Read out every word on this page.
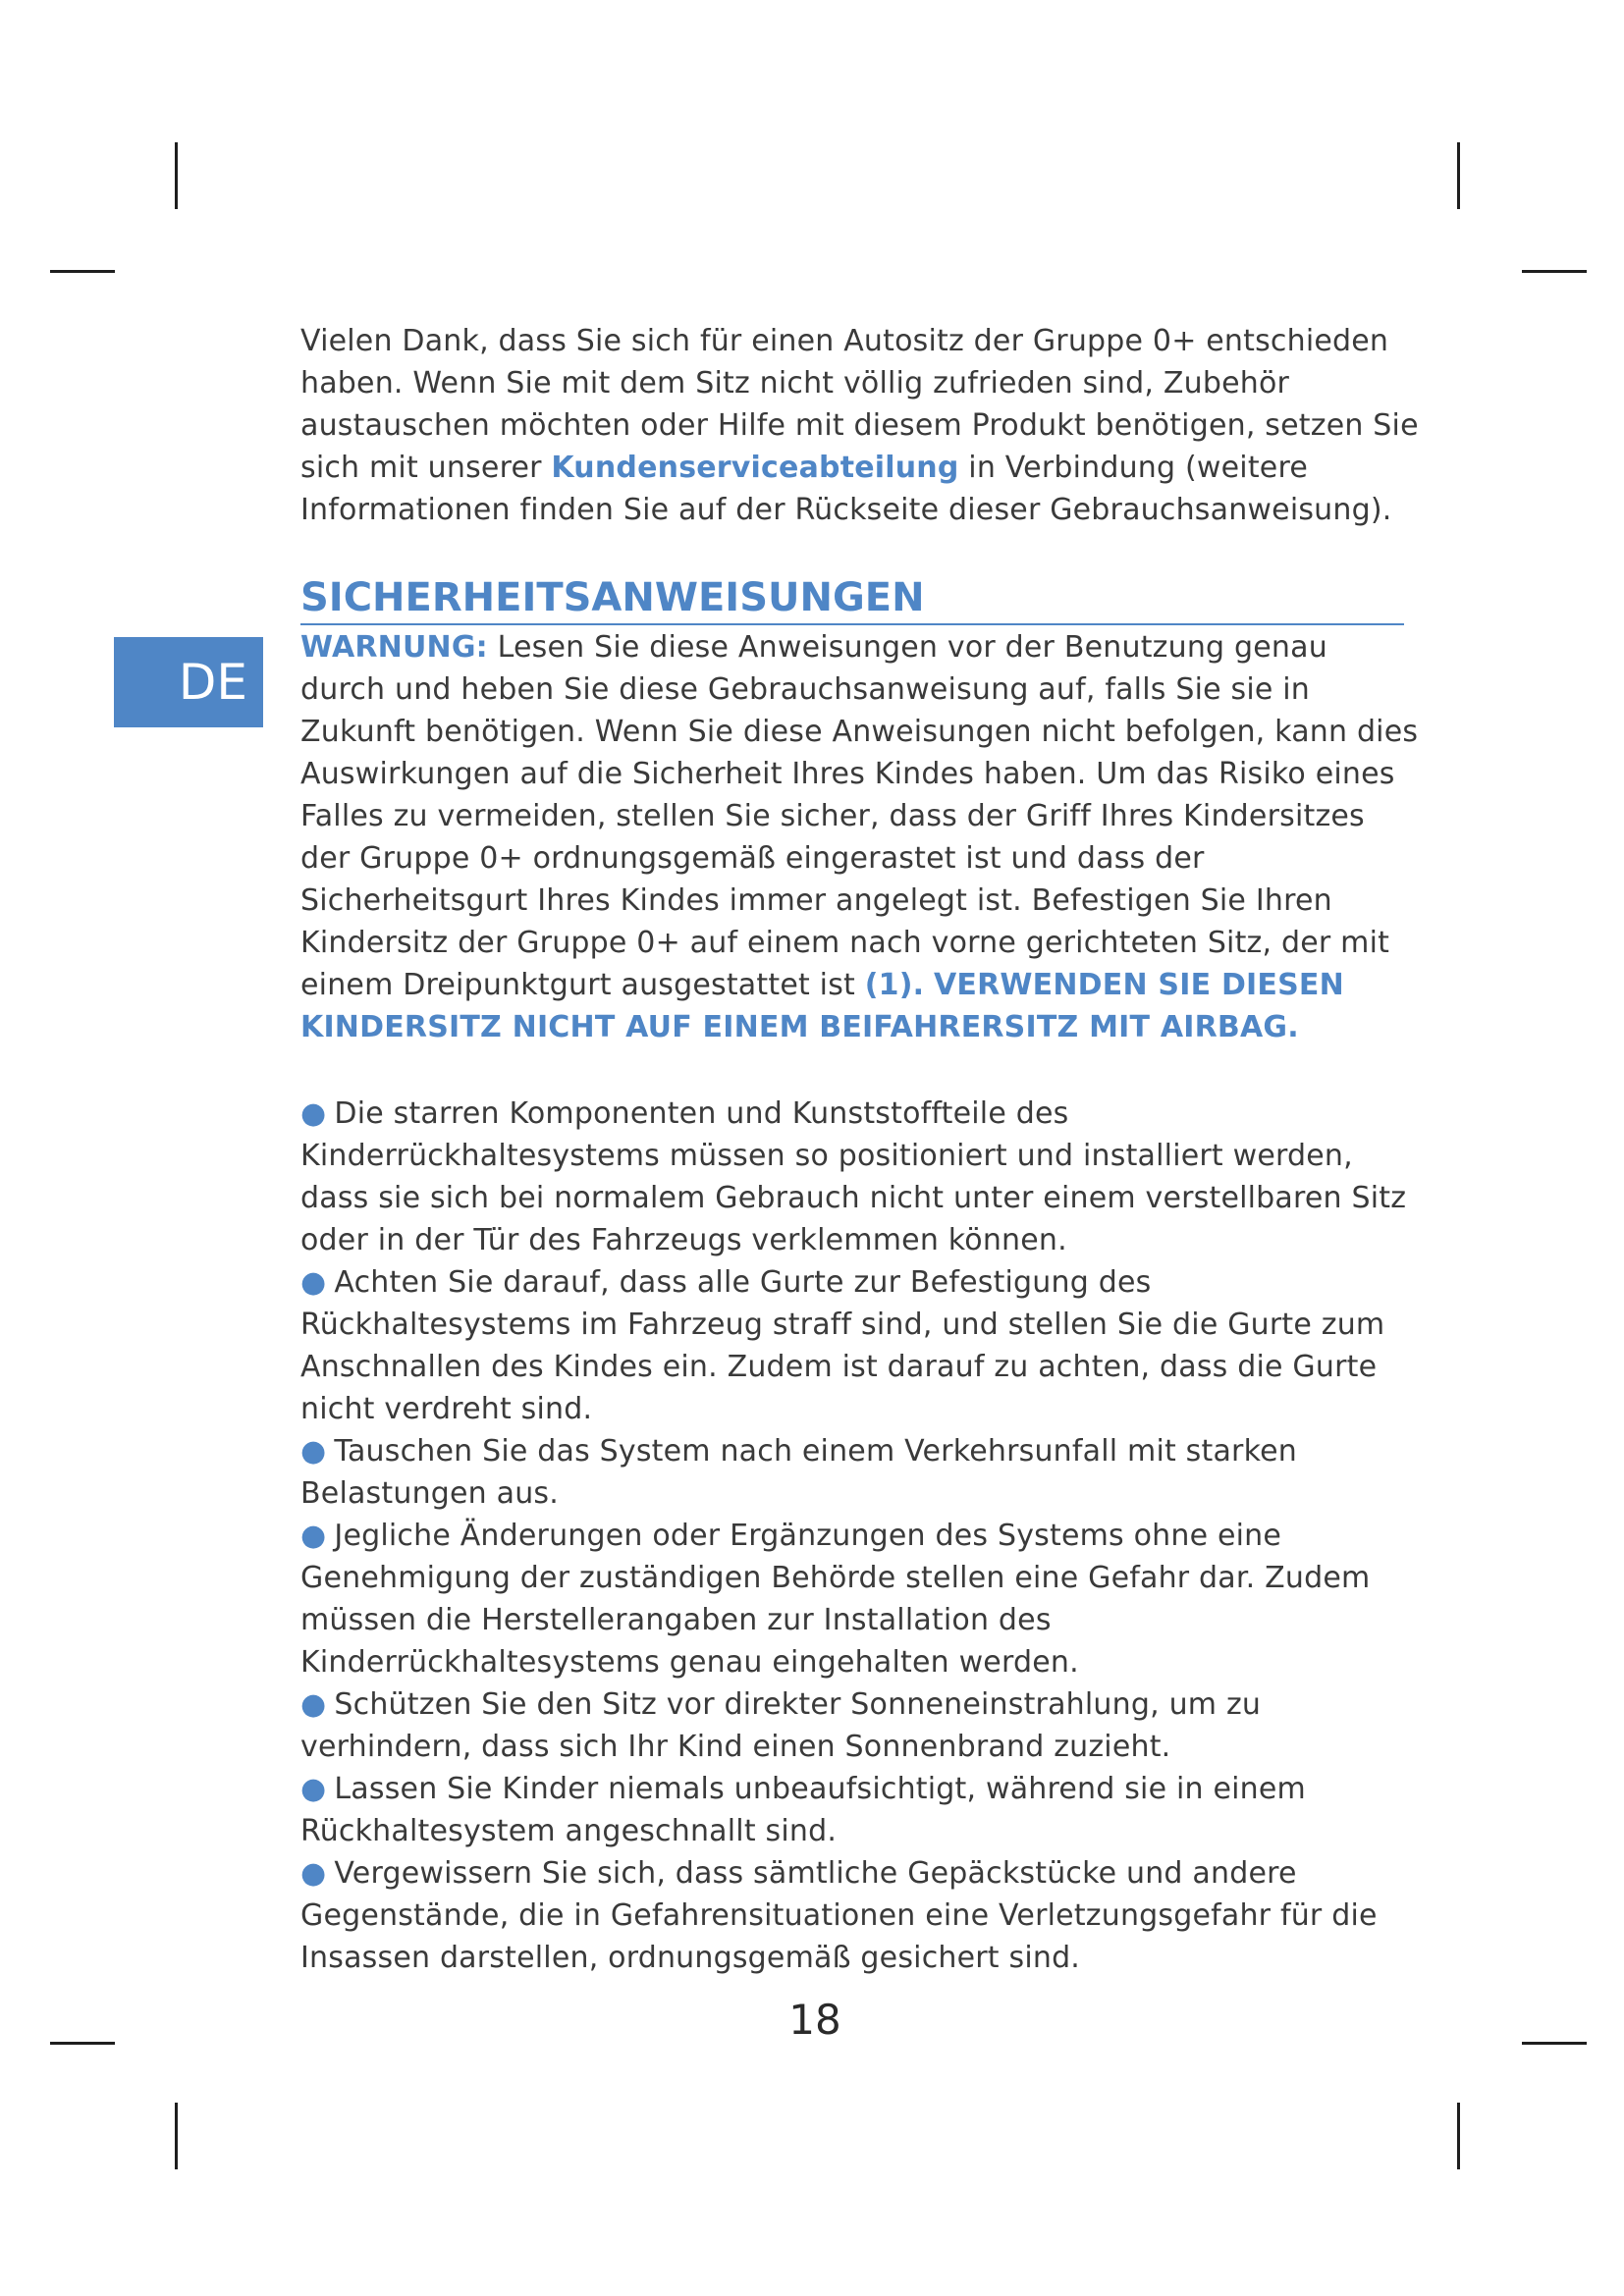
DE

Vielen Dank, dass Sie sich für einen Autositz der Gruppe 0+ entschieden haben. Wenn Sie mit dem Sitz nicht völlig zufrieden sind, Zubehör austauschen möchten oder Hilfe mit diesem Produkt benötigen, setzen Sie sich mit unserer Kundenserviceabteilung in Verbindung (weitere Informationen finden Sie auf der Rückseite dieser Gebrauchsanweisung).

SICHERHEITSANWEISUNGEN

WARNUNG: Lesen Sie diese Anweisungen vor der Benutzung genau durch und heben Sie diese Gebrauchsanweisung auf, falls Sie sie in Zukunft benötigen. Wenn Sie diese Anweisungen nicht befolgen, kann dies Auswirkungen auf die Sicherheit Ihres Kindes haben. Um das Risiko eines Falles zu vermeiden, stellen Sie sicher, dass der Griff Ihres Kindersitzes der Gruppe 0+ ordnungsgemäß eingerastet ist und dass der Sicherheitsgurt Ihres Kindes immer angelegt ist. Befestigen Sie Ihren Kindersitz der Gruppe 0+ auf einem nach vorne gerichteten Sitz, der mit einem Dreipunktgurt ausgestattet ist (1). VERWENDEN SIE DIESEN KINDERSITZ NICHT AUF EINEM BEIFAHRERSITZ MIT AIRBAG.

● Die starren Komponenten und Kunststoffteile des Kinderrückhaltesystems müssen so positioniert und installiert werden, dass sie sich bei normalem Gebrauch nicht unter einem verstellbaren Sitz oder in der Tür des Fahrzeugs verklemmen können.
● Achten Sie darauf, dass alle Gurte zur Befestigung des Rückhaltesystems im Fahrzeug straff sind, und stellen Sie die Gurte zum Anschnallen des Kindes ein. Zudem ist darauf zu achten, dass die Gurte nicht verdreht sind.
● Tauschen Sie das System nach einem Verkehrsunfall mit starken Belastungen aus.
● Jegliche Änderungen oder Ergänzungen des Systems ohne eine Genehmigung der zuständigen Behörde stellen eine Gefahr dar. Zudem müssen die Herstellerangaben zur Installation des Kinderrückhaltesystems genau eingehalten werden.
● Schützen Sie den Sitz vor direkter Sonneneinstrahlung, um zu verhindern, dass sich Ihr Kind einen Sonnenbrand zuzieht.
● Lassen Sie Kinder niemals unbeaufsichtigt, während sie in einem Rückhaltesystem angeschnallt sind.
● Vergewissern Sie sich, dass sämtliche Gepäckstücke und andere Gegenstände, die in Gefahrensituationen eine Verletzungsgefahr für die Insassen darstellen, ordnungsgemäß gesichert sind.
18
